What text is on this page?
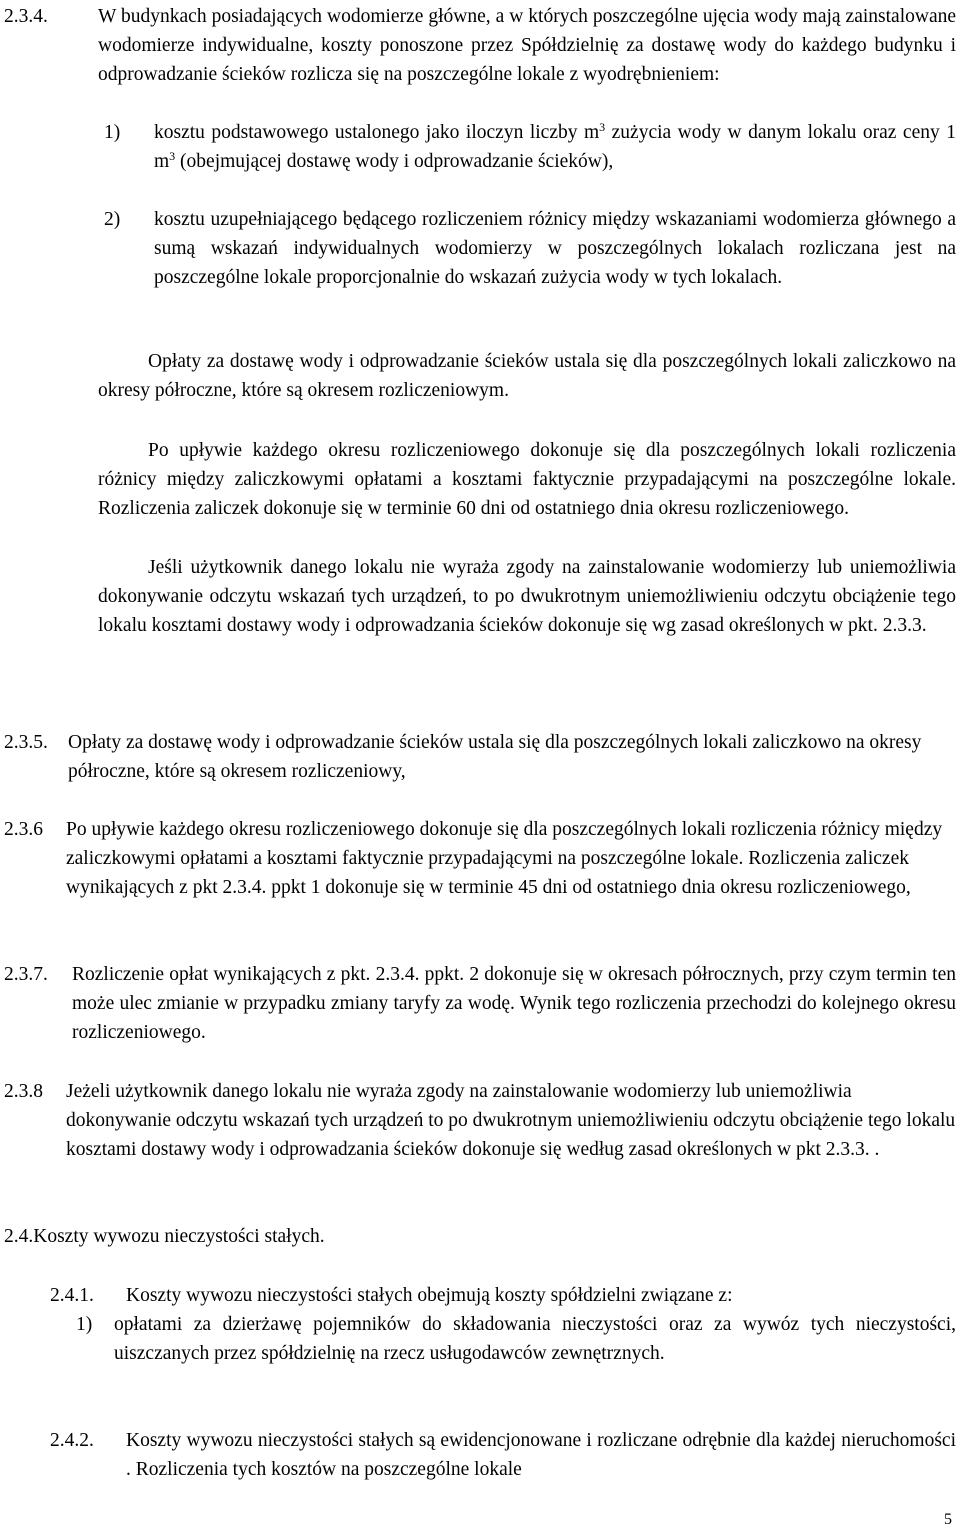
2.3.4.	W budynkach posiadających wodomierze główne, a w których poszczególne ujęcia wody mają zainstalowane wodomierze indywidualne, koszty ponoszone przez Spółdzielnię za dostawę wody do każdego budynku i odprowadzanie ścieków rozlicza się na poszczególne lokale z wyodrębnieniem:
1) kosztu podstawowego ustalonego jako iloczyn liczby $m^3$ zużycia wody w danym lokalu oraz ceny 1 $m^3$ (obejmującej dostawę wody i odprowadzanie ścieków),
2) kosztu uzupełniającego będącego rozliczeniem różnicy między wskazaniami wodomierza głównego a sumą wskazań indywidualnych wodomierzy w poszczególnych lokalach rozliczana jest na poszczególne lokale proporcjonalnie do wskazań zużycia wody w tych lokalach.
Opłaty za dostawę wody i odprowadzanie ścieków ustala się dla poszczególnych lokali zaliczkowo na okresy półroczne, które są okresem rozliczeniowym.
Po upływie każdego okresu rozliczeniowego dokonuje się dla poszczególnych lokali rozliczenia różnicy między zaliczkowymi opłatami a kosztami faktycznie przypadającymi na poszczególne lokale. Rozliczenia zaliczek dokonuje się w terminie 60 dni od ostatniego dnia okresu rozliczeniowego.
Jeśli użytkownik danego lokalu nie wyraża zgody na zainstalowanie wodomierzy lub uniemożliwia dokonywanie odczytu wskazań tych urządzeń, to po dwukrotnym uniemożliwieniu odczytu obciążenie tego lokalu kosztami dostawy wody i odprowadzania ścieków dokonuje się wg zasad określonych w pkt. 2.3.3.
2.3.5. Opłaty za dostawę wody i odprowadzanie ścieków ustala się dla poszczególnych lokali zaliczkowo na okresy półroczne, które są okresem rozliczeniowy,
2.3.6 Po upływie każdego okresu rozliczeniowego dokonuje się dla poszczególnych lokali rozliczenia różnicy między zaliczkowymi opłatami a kosztami faktycznie przypadającymi na poszczególne lokale. Rozliczenia zaliczek wynikających z pkt 2.3.4. ppkt 1 dokonuje się w terminie 45 dni od ostatniego dnia okresu rozliczeniowego,
2.3.7. Rozliczenie opłat wynikających z pkt. 2.3.4. ppkt. 2 dokonuje się w okresach półrocznych, przy czym termin ten może ulec zmianie w przypadku zmiany taryfy za wodę. Wynik tego rozliczenia przechodzi do kolejnego okresu rozliczeniowego.
2.3.8 Jeżeli użytkownik danego lokalu nie wyraża zgody na zainstalowanie wodomierzy lub uniemożliwia dokonywanie odczytu wskazań tych urządzeń to po dwukrotnym uniemożliwieniu odczytu obciążenie tego lokalu kosztami dostawy wody i odprowadzania ścieków dokonuje się według zasad określonych w pkt 2.3.3. .
2.4.Koszty wywozu nieczystości stałych.
2.4.1. Koszty wywozu nieczystości stałych obejmują koszty spółdzielni związane z:
1) opłatami za dzierżawę pojemników do składowania nieczystości oraz za wywóz tych nieczystości, uiszczanych przez spółdzielnię na rzecz usługodawców zewnętrznych.
2.4.2. Koszty wywozu nieczystości stałych są ewidencjonowane i rozliczane odrębnie dla każdej nieruchomości . Rozliczenia tych kosztów na poszczególne lokale
5
